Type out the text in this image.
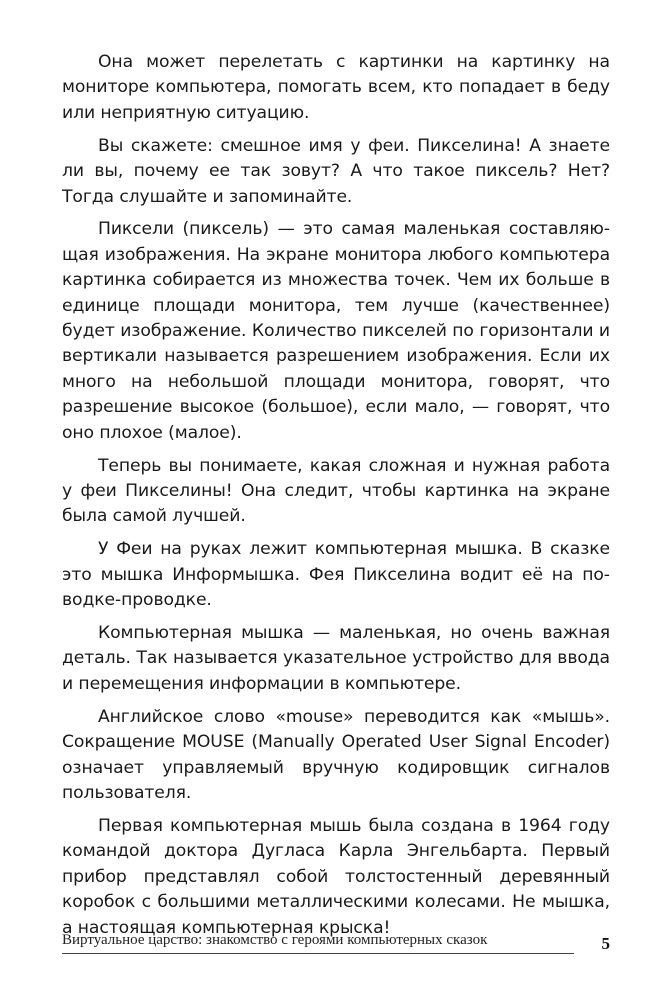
Она может перелетать с картинки на картинку на мониторе компьютера, помогать всем, кто попадает в беду или неприятную ситуацию.

Вы скажете: смешное имя у феи. Пикселина! А знаете ли вы, почему ее так зовут? А что такое пиксель? Нет? Тогда слушайте и запоминайте.

Пиксели (пиксель) — это самая маленькая составляющая изображения. На экране монитора любого компьютера картинка собирается из множества точек. Чем их больше в единице площади монитора, тем лучше (качественнее) будет изображение. Количество пикселей по горизонтали и вертикали называется разрешением изображения. Если их много на небольшой площади монитора, говорят, что разрешение высокое (большое), если мало, — говорят, что оно плохое (малое).

Теперь вы понимаете, какая сложная и нужная работа у феи Пикселины! Она следит, чтобы картинка на экране была самой лучшей.

У Феи на руках лежит компьютерная мышка. В сказке это мышка Информышка. Фея Пикселина водит её на поводке-проводке.

Компьютерная мышка — маленькая, но очень важная деталь. Так называется указательное устройство для ввода и перемещения информации в компьютере.

Английское слово «mouse» переводится как «мышь». Сокращение MOUSE (Manually Operated User Signal Encoder) означает управляемый вручную кодировщик сигналов пользователя.

Первая компьютерная мышь была создана в 1964 году командой доктора Дугласа Карла Энгельбарта. Первый прибор представлял собой толстостенный деревянный коробок с большими металлическими колесами. Не мышка, а настоящая компьютерная крыска!

Виртуальное царство: знакомство с героями компьютерных сказок	5
